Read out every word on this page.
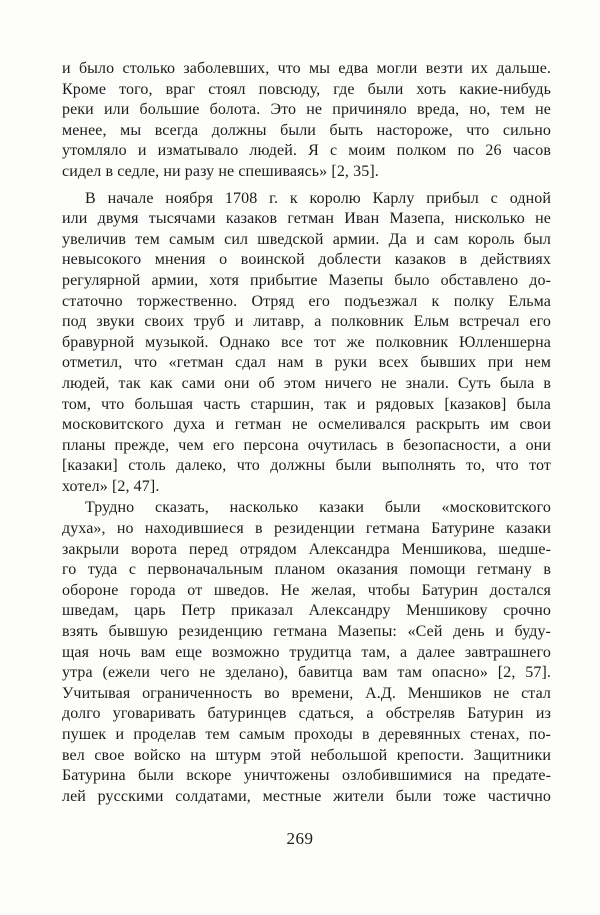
и было столько заболевших, что мы едва могли везти их дальше.
Кроме того, враг стоял повсюду, где были хоть какие-нибудь
реки или большие болота. Это не причиняло вреда, но, тем не
менее, мы всегда должны были быть настороже, что сильно
утомляло и изматывало людей. Я с моим полком по 26 часов
сидел в седле, ни разу не спешиваясь» [2, 35].
В начале ноября 1708 г. к королю Карлу прибыл с одной
или двумя тысячами казаков гетман Иван Мазепа, нисколько не
увеличив тем самым сил шведской армии. Да и сам король был
невысокого мнения о воинской доблести казаков в действиях
регулярной армии, хотя прибытие Мазепы было обставлено до-
статочно торжественно. Отряд его подъезжал к полку Ельма
под звуки своих труб и литавр, а полковник Ельм встречал его
бравурной музыкой. Однако все тот же полковник Юлленшерна
отметил, что «гетман сдал нам в руки всех бывших при нем
людей, так как сами они об этом ничего не знали. Суть была в
том, что большая часть старшин, так и рядовых [казаков] была
московитского духа и гетман не осмеливался раскрыть им свои
планы прежде, чем его персона очутилась в безопасности, а они
[казаки] столь далеко, что должны были выполнять то, что тот
хотел» [2, 47].
Трудно сказать, насколько казаки были «московитского
духа», но находившиеся в резиденции гетмана Батурине казаки
закрыли ворота перед отрядом Александра Меншикова, шедше-
го туда с первоначальным планом оказания помощи гетману в
обороне города от шведов. Не желая, чтобы Батурин достался
шведам, царь Петр приказал Александру Меншикову срочно
взять бывшую резиденцию гетмана Мазепы: «Сей день и буду-
щая ночь вам еще возможно трудитца там, а далее завтрашнего
утра (ежели чего не зделано), бавитца вам там опасно» [2, 57].
Учитывая ограниченность во времени, А.Д. Меншиков не стал
долго уговаривать батуринцев сдаться, а обстреляв Батурин из
пушек и проделав тем самым проходы в деревянных стенах, по-
вел свое войско на штурм этой небольшой крепости. Защитники
Батурина были вскоре уничтожены озлобившимися на предате-
лей русскими солдатами, местные жители были тоже частично
269
